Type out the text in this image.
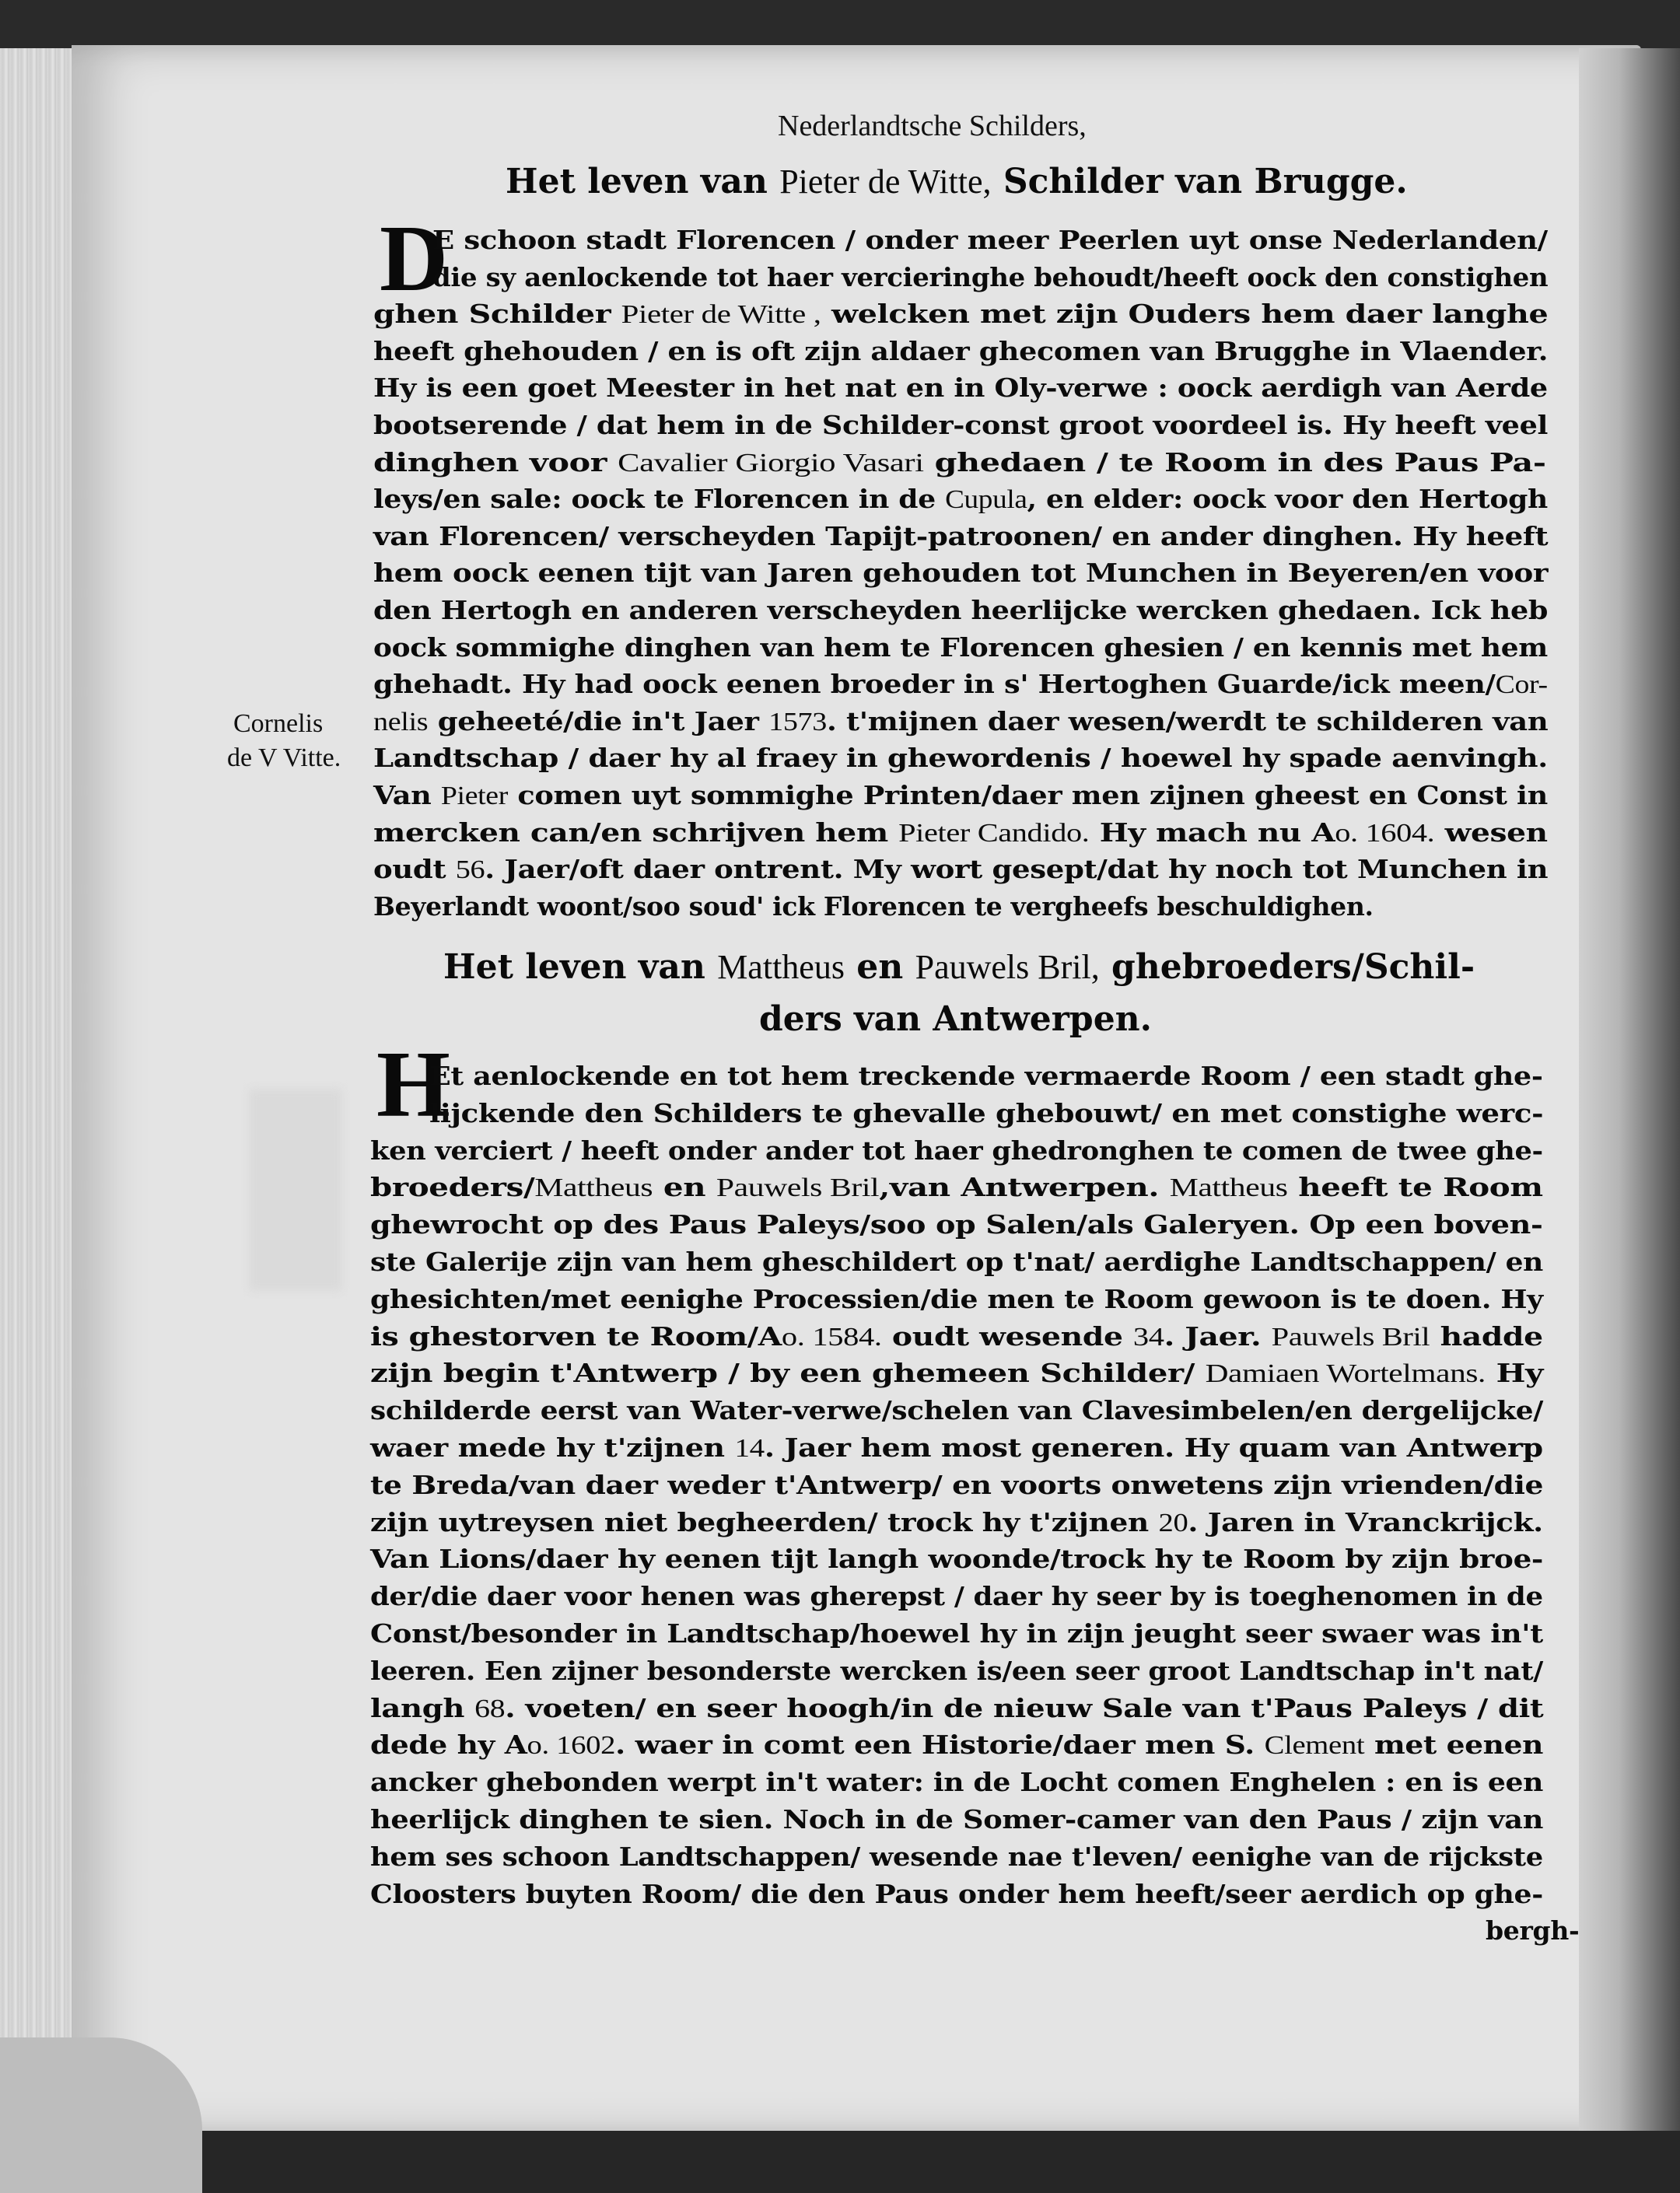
Nederlandtsche Schilders,
Het leven van Pieter de Witte, Schilder van Brugge.
D
E schoon stadt Florencen / onder meer Peerlen uyt onse Nederlanden/
die sy aenlockende tot haer vercieringhe behoudt/heeft oock den constighen
ghen Schilder Pieter de Witte , welcken met zijn Ouders hem daer langhe
heeft ghehouden / en is oft zijn aldaer ghecomen van Brugghe in Vlaender.
Hy is een goet Meester in het nat en in Oly-verwe : oock aerdigh van Aerde
bootserende / dat hem in de Schilder-const groot voordeel is. Hy heeft veel
dinghen voor Cavalier Giorgio Vasari ghedaen / te Room in des Paus Pa-
leys/en sale: oock te Florencen in de Cupula, en elder: oock voor den Hertogh
van Florencen/ verscheyden Tapijt-patroonen/ en ander dinghen. Hy heeft
hem oock eenen tijt van Jaren gehouden tot Munchen in Beyeren/en voor
den Hertogh en anderen verscheyden heerlijcke wercken ghedaen. Ick heb
oock sommighe dinghen van hem te Florencen ghesien / en kennis met hem
ghehadt. Hy had oock eenen broeder in s' Hertoghen Guarde/ick meen/Cor-
nelis geheeté/die in't Jaer 1573. t'mijnen daer wesen/werdt te schilderen van
Landtschap / daer hy al fraey in ghewordenis / hoewel hy spade aenvingh.
Van Pieter comen uyt sommighe Printen/daer men zijnen gheest en Const in
mercken can/en schrijven hem Pieter Candido. Hy mach nu Ao. 1604. wesen
oudt 56. Jaer/oft daer ontrent. My wort gesept/dat hy noch tot Munchen in
Beyerlandt woont/soo soud' ick Florencen te vergheefs beschuldighen.
Cornelis
de V Vitte.
Het leven van Mattheus en Pauwels Bril, ghebroeders/Schil-
ders van Antwerpen.
H
Et aenlockende en tot hem treckende vermaerde Room / een stadt ghe-
lijckende den Schilders te ghevalle ghebouwt/ en met constighe werc-
ken verciert / heeft onder ander tot haer ghedronghen te comen de twee ghe-
broeders/Mattheus en Pauwels Bril,van Antwerpen. Mattheus heeft te Room
ghewrocht op des Paus Paleys/soo op Salen/als Galeryen. Op een boven-
ste Galerije zijn van hem gheschildert op t'nat/ aerdighe Landtschappen/ en
ghesichten/met eenighe Processien/die men te Room gewoon is te doen. Hy
is ghestorven te Room/Ao. 1584. oudt wesende 34. Jaer. Pauwels Bril hadde
zijn begin t'Antwerp / by een ghemeen Schilder/ Damiaen Wortelmans. Hy
schilderde eerst van Water-verwe/schelen van Clavesimbelen/en dergelijcke/
waer mede hy t'zijnen 14. Jaer hem most generen. Hy quam van Antwerp
te Breda/van daer weder t'Antwerp/ en voorts onwetens zijn vrienden/die
zijn uytreysen niet begheerden/ trock hy t'zijnen 20. Jaren in Vranckrijck.
Van Lions/daer hy eenen tijt langh woonde/trock hy te Room by zijn broe-
der/die daer voor henen was gherepst / daer hy seer by is toeghenomen in de
Const/besonder in Landtschap/hoewel hy in zijn jeught seer swaer was in't
leeren. Een zijner besonderste wercken is/een seer groot Landtschap in't nat/
langh 68. voeten/ en seer hoogh/in de nieuw Sale van t'Paus Paleys / dit
dede hy Ao. 1602. waer in comt een Historie/daer men S. Clement met eenen
ancker ghebonden werpt in't water: in de Locht comen Enghelen : en is een
heerlijck dinghen te sien. Noch in de Somer-camer van den Paus / zijn van
hem ses schoon Landtschappen/ wesende nae t'leven/ eenighe van de rijckste
Cloosters buyten Room/ die den Paus onder hem heeft/seer aerdich op ghe-
bergh-
